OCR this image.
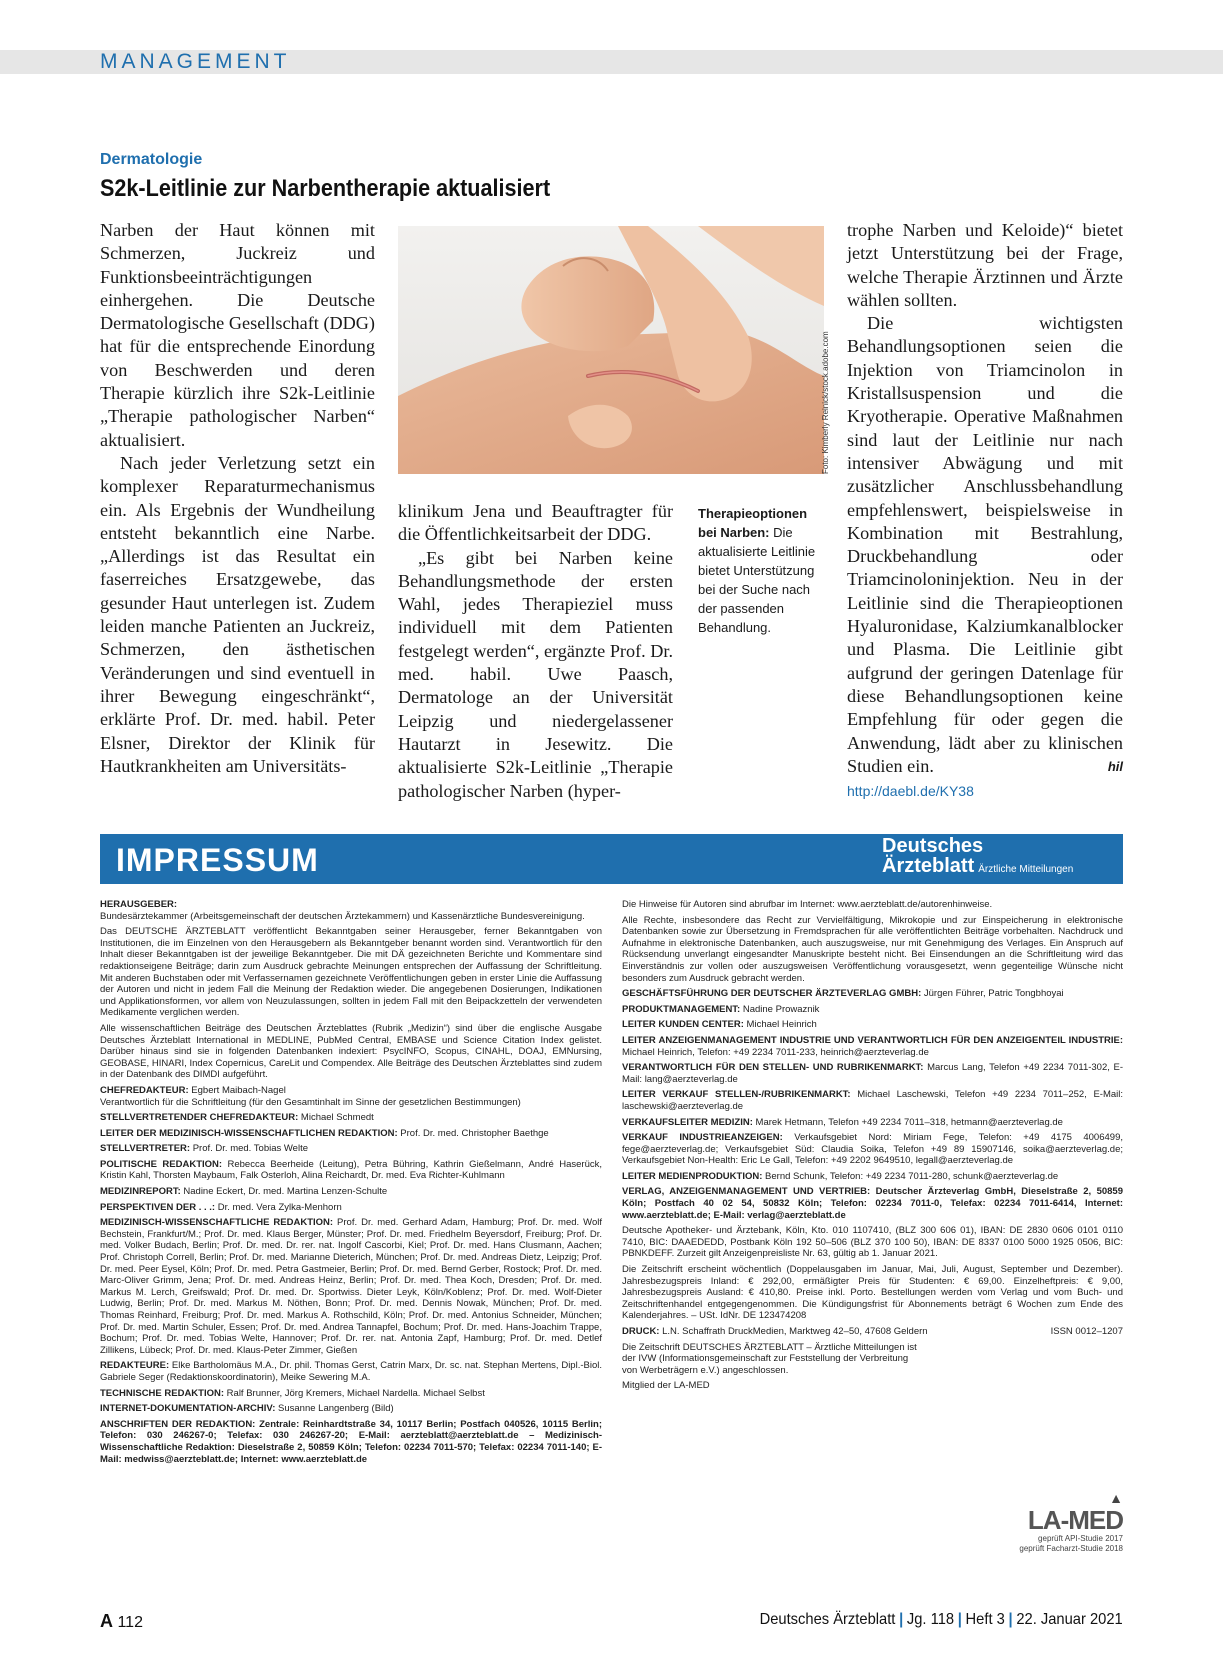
MANAGEMENT
Dermatologie
S2k-Leitlinie zur Narbentherapie aktualisiert

Narben der Haut können mit Schmerzen, Juckreiz und Funktionsbeeinträchtigungen einhergehen. Die Deutsche Dermatologische Gesellschaft (DDG) hat für die entsprechende Einordung von Beschwerden und deren Therapie kürzlich ihre S2k-Leitlinie „Therapie pathologischer Narben“ aktualisiert.

Nach jeder Verletzung setzt ein komplexer Reparaturmechanismus ein. Als Ergebnis der Wundheilung entsteht bekanntlich eine Narbe. „Allerdings ist das Resultat ein faserreiches Ersatzgewebe, das gesunder Haut unterlegen ist. Zudem leiden manche Patienten an Juckreiz, Schmerzen, den ästhetischen Veränderungen und sind eventuell in ihrer Bewegung eingeschränkt“, erklärte Prof. Dr. med. habil. Peter Elsner, Direktor der Klinik für Hautkrankheiten am Universitäts-

Foto: Kimberly Reinick/stock.adobe.com

klinikum Jena und Beauftragter für die Öffentlichkeitsarbeit der DDG.

„Es gibt bei Narben keine Behandlungsmethode der ersten Wahl, jedes Therapieziel muss individuell mit dem Patienten festgelegt werden“, ergänzte Prof. Dr. med. habil. Uwe Paasch, Dermatologe an der Universität Leipzig und niedergelassener Hautarzt in Jesewitz. Die aktualisierte S2k-Leitlinie „Therapie pathologischer Narben (hyper-

Therapieoptionen bei Narben: Die aktualisierte Leitlinie bietet Unterstützung bei der Suche nach der passenden Behandlung.

trophe Narben und Keloide)“ bietet jetzt Unterstützung bei der Frage, welche Therapie Ärztinnen und Ärzte wählen sollten.

Die wichtigsten Behandlungsoptionen seien die Injektion von Triamcinolon in Kristallsuspension und die Kryotherapie. Operative Maßnahmen sind laut der Leitlinie nur nach intensiver Abwägung und mit zusätzlicher Anschlussbehandlung empfehlenswert, beispielsweise in Kombination mit Bestrahlung, Druckbehandlung oder Triamcinoloninjektion. Neu in der Leitlinie sind die Therapieoptionen Hyaluronidase, Kalziumkanalblocker und Plasma. Die Leitlinie gibt aufgrund der geringen Datenlage für diese Behandlungsoptionen keine Empfehlung für oder gegen die Anwendung, lädt aber zu klinischen Studien ein.	hil

http://daebl.de/KY38
IMPRESSUM	Deutsches
Ärzteblatt Ärztliche Mitteilungen

HERAUSGEBER:
Bundesärztekammer (Arbeitsgemeinschaft der deutschen Ärztekammern) und Kassenärztliche Bundesvereinigung.

Das DEUTSCHE ÄRZTEBLATT veröffentlicht Bekanntgaben seiner Herausgeber, ferner Bekanntgaben von Institutionen, die im Einzelnen von den Herausgebern als Bekanntgeber benannt worden sind. Verantwortlich für den Inhalt dieser Bekanntgaben ist der jeweilige Bekanntgeber. Die mit DÄ gezeichneten Berichte und Kommentare sind redaktionseigene Beiträge; darin zum Ausdruck gebrachte Meinungen entsprechen der Auffassung der Schriftleitung. Mit anderen Buchstaben oder mit Verfassernamen gezeichnete Veröffentlichungen geben in erster Linie die Auffassung der Autoren und nicht in jedem Fall die Meinung der Redaktion wieder. Die angegebenen Dosierungen, Indikationen und Applikationsformen, vor allem von Neuzulassungen, sollten in jedem Fall mit den Beipackzetteln der verwendeten Medikamente verglichen werden.

Alle wissenschaftlichen Beiträge des Deutschen Ärzteblattes (Rubrik „Medizin“) sind über die englische Ausgabe Deutsches Ärzteblatt International in MEDLINE, PubMed Central, EMBASE und Science Citation Index gelistet. Darüber hinaus sind sie in folgenden Datenbanken indexiert: PsycINFO, Scopus, CINAHL, DOAJ, EMNursing, GEOBASE, HINARI, Index Copernicus, CareLit und Compendex. Alle Beiträge des Deutschen Ärzteblattes sind zudem in der Datenbank des DIMDI aufgeführt.

CHEFREDAKTEUR: Egbert Maibach-Nagel
Verantwortlich für die Schriftleitung (für den Gesamtinhalt im Sinne der gesetzlichen Bestimmungen)

STELLVERTRETENDER CHEFREDAKTEUR: Michael Schmedt

LEITER DER MEDIZINISCH-WISSENSCHAFTLICHEN REDAKTION: Prof. Dr. med. Christopher Baethge

STELLVERTRETER: Prof. Dr. med. Tobias Welte

POLITISCHE REDAKTION: Rebecca Beerheide (Leitung), Petra Bühring, Kathrin Gießelmann, André Haserück, Kristin Kahl, Thorsten Maybaum, Falk Osterloh, Alina Reichardt, Dr. med. Eva Richter-Kuhlmann

MEDIZINREPORT: Nadine Eckert, Dr. med. Martina Lenzen-Schulte

PERSPEKTIVEN DER . . .: Dr. med. Vera Zylka-Menhorn

MEDIZINISCH-WISSENSCHAFTLICHE REDAKTION: Prof. Dr. med. Gerhard Adam, Hamburg; Prof. Dr. med. Wolf Bechstein, Frankfurt/M.; Prof. Dr. med. Klaus Berger, Münster; Prof. Dr. med. Friedhelm Beyersdorf, Freiburg; Prof. Dr. med. Volker Budach, Berlin; Prof. Dr. med. Dr. rer. nat. Ingolf Cascorbi, Kiel; Prof. Dr. med. Hans Clusmann, Aachen; Prof. Christoph Correll, Berlin; Prof. Dr. med. Marianne Dieterich, München; Prof. Dr. med. Andreas Dietz, Leipzig; Prof. Dr. med. Peer Eysel, Köln; Prof. Dr. med. Petra Gastmeier, Berlin; Prof. Dr. med. Bernd Gerber, Rostock; Prof. Dr. med. Marc-Oliver Grimm, Jena; Prof. Dr. med. Andreas Heinz, Berlin; Prof. Dr. med. Thea Koch, Dresden; Prof. Dr. med. Markus M. Lerch, Greifswald; Prof. Dr. med. Dr. Sportwiss. Dieter Leyk, Köln/Koblenz; Prof. Dr. med. Wolf-Dieter Ludwig, Berlin; Prof. Dr. med. Markus M. Nöthen, Bonn; Prof. Dr. med. Dennis Nowak, München; Prof. Dr. med. Thomas Reinhard, Freiburg; Prof. Dr. med. Markus A. Rothschild, Köln; Prof. Dr. med. Antonius Schneider, München; Prof. Dr. med. Martin Schuler, Essen; Prof. Dr. med. Andrea Tannapfel, Bochum; Prof. Dr. med. Hans-Joachim Trappe, Bochum; Prof. Dr. med. Tobias Welte, Hannover; Prof. Dr. rer. nat. Antonia Zapf, Hamburg; Prof. Dr. med. Detlef Zillikens, Lübeck; Prof. Dr. med. Klaus-Peter Zimmer, Gießen

REDAKTEURE: Elke Bartholomäus M.A., Dr. phil. Thomas Gerst, Catrin Marx, Dr. sc. nat. Stephan Mertens, Dipl.-Biol. Gabriele Seger (Redaktionskoordinatorin), Meike Sewering M.A.

TECHNISCHE REDAKTION: Ralf Brunner, Jörg Kremers, Michael Nardella. Michael Selbst

INTERNET-DOKUMENTATION-ARCHIV: Susanne Langenberg (Bild)

ANSCHRIFTEN DER REDAKTION: Zentrale: Reinhardtstraße 34, 10117 Berlin; Postfach 040526, 10115 Berlin; Telefon: 030 246267-0; Telefax: 030 246267-20; E-Mail: aerzteblatt@aerzteblatt.de – Medizinisch-Wissenschaftliche Redaktion: Dieselstraße 2, 50859 Köln; Telefon: 02234 7011-570; Telefax: 02234 7011-140; E-Mail: medwiss@aerzteblatt.de; Internet: www.aerzteblatt.de

Die Hinweise für Autoren sind abrufbar im Internet: www.aerzteblatt.de/autorenhinweise.

Alle Rechte, insbesondere das Recht zur Vervielfältigung, Mikrokopie und zur Einspeicherung in elektronische Datenbanken sowie zur Übersetzung in Fremdsprachen für alle veröffentlichten Beiträge vorbehalten. Nachdruck und Aufnahme in elektronische Datenbanken, auch auszugsweise, nur mit Genehmigung des Verlages. Ein Anspruch auf Rücksendung unverlangt eingesandter Manuskripte besteht nicht. Bei Einsendungen an die Schriftleitung wird das Einverständnis zur vollen oder auszugsweisen Veröffentlichung vorausgesetzt, wenn gegenteilige Wünsche nicht besonders zum Ausdruck gebracht werden.

GESCHÄFTSFÜHRUNG DER DEUTSCHER ÄRZTEVERLAG GMBH: Jürgen Führer, Patric Tongbhoyai

PRODUKTMANAGEMENT: Nadine Prowaznik

LEITER KUNDEN CENTER: Michael Heinrich

LEITER ANZEIGENMANAGEMENT INDUSTRIE UND VERANTWORTLICH FÜR DEN ANZEIGENTEIL INDUSTRIE: Michael Heinrich, Telefon: +49 2234 7011-233, heinrich@aerzteverlag.de

VERANTWORTLICH FÜR DEN STELLEN- UND RUBRIKENMARKT: Marcus Lang, Telefon +49 2234 7011-302, E-Mail: lang@aerzteverlag.de

LEITER VERKAUF STELLEN-/RUBRIKENMARKT: Michael Laschewski, Telefon +49 2234 7011–252, E-Mail: laschewski@aerzteverlag.de

VERKAUFSLEITER MEDIZIN: Marek Hetmann, Telefon +49 2234 7011–318, hetmann@aerzteverlag.de

VERKAUF INDUSTRIEANZEIGEN: Verkaufsgebiet Nord: Miriam Fege, Telefon: +49 4175 4006499, fege@aerzteverlag.de; Verkaufsgebiet Süd: Claudia Soika, Telefon +49 89 15907146, soika@aerzteverlag.de; Verkaufsgebiet Non-Health: Eric Le Gall, Telefon: +49 2202 9649510, legall@aerzteverlag.de

LEITER MEDIENPRODUKTION: Bernd Schunk, Telefon: +49 2234 7011-280, schunk@aerzteverlag.de

VERLAG, ANZEIGENMANAGEMENT UND VERTRIEB: Deutscher Ärzteverlag GmbH, Dieselstraße 2, 50859 Köln; Postfach 40 02 54, 50832 Köln; Telefon: 02234 7011-0, Telefax: 02234 7011-6414, Internet: www.aerzteblatt.de; E-Mail: verlag@aerzteblatt.de

Deutsche Apotheker- und Ärztebank, Köln, Kto. 010 1107410, (BLZ 300 606 01), IBAN: DE 2830 0606 0101 0110 7410, BIC: DAAEDEDD, Postbank Köln 192 50–506 (BLZ 370 100 50), IBAN: DE 8337 0100 5000 1925 0506, BIC: PBNKDEFF. Zurzeit gilt Anzeigenpreisliste Nr. 63, gültig ab 1. Januar 2021.

Die Zeitschrift erscheint wöchentlich (Doppelausgaben im Januar, Mai, Juli, August, September und Dezember). Jahresbezugspreis Inland: € 292,00, ermäßigter Preis für Studenten: € 69,00. Einzelheftpreis: € 9,00, Jahresbezugspreis Ausland: € 410,80. Preise inkl. Porto. Bestellungen werden vom Verlag und vom Buch- und Zeitschriftenhandel entgegengenommen. Die Kündigungsfrist für Abonnements beträgt 6 Wochen zum Ende des Kalenderjahres. – USt. IdNr. DE 123474208

ISSN 0012–1207
DRUCK: L.N. Schaffrath DruckMedien, Marktweg 42–50, 47608 Geldern

Die Zeitschrift DEUTSCHES ÄRZTEBLATT – Ärztliche Mitteilungen ist der IVW (Informationsgemeinschaft zur Feststellung der Verbreitung von Werbeträgern e.V.) angeschlossen.

Mitglied der LA-MED

▲
LA-MED
geprüft API-Studie 2017
geprüft Facharzt-Studie 2018
A 112	Deutsches Ärzteblatt | Jg. 118 | Heft 3 | 22. Januar 2021
